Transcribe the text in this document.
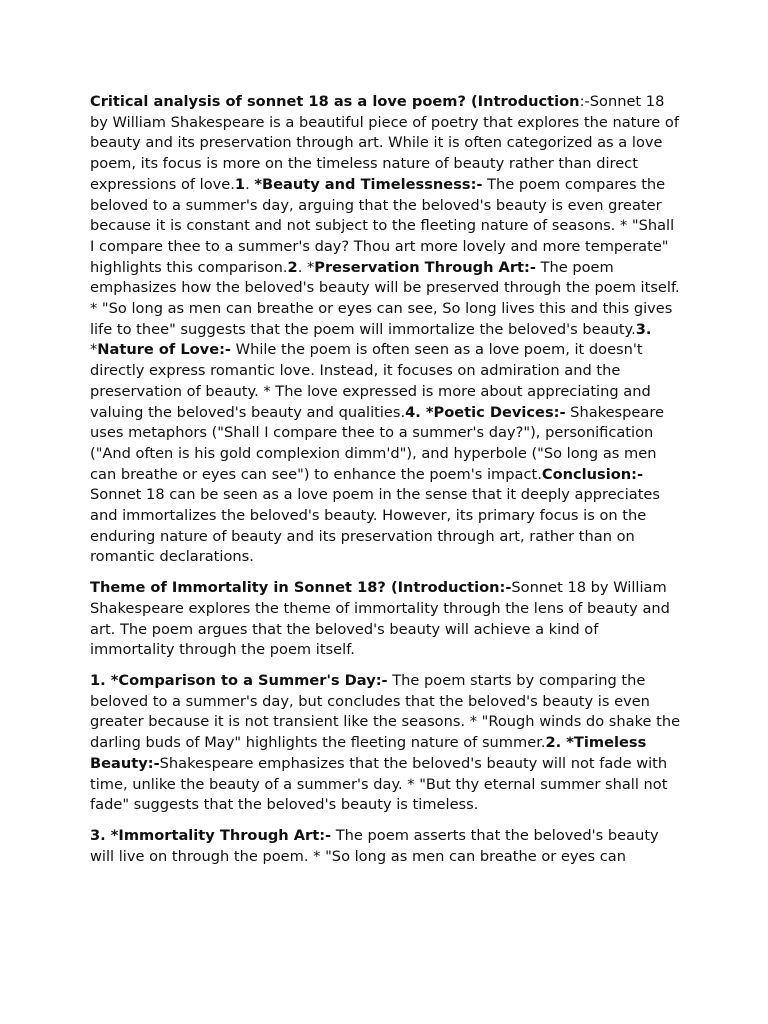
Critical analysis of sonnet 18 as a love poem? (Introduction:-Sonnet 18 by William Shakespeare is a beautiful piece of poetry that explores the nature of beauty and its preservation through art. While it is often categorized as a love poem, its focus is more on the timeless nature of beauty rather than direct expressions of love.1. *Beauty and Timelessness:- The poem compares the beloved to a summer's day, arguing that the beloved's beauty is even greater because it is constant and not subject to the fleeting nature of seasons. * "Shall I compare thee to a summer's day? Thou art more lovely and more temperate" highlights this comparison.2. *Preservation Through Art:- The poem emphasizes how the beloved's beauty will be preserved through the poem itself. * "So long as men can breathe or eyes can see, So long lives this and this gives life to thee" suggests that the poem will immortalize the beloved's beauty.3. *Nature of Love:- While the poem is often seen as a love poem, it doesn't directly express romantic love. Instead, it focuses on admiration and the preservation of beauty. * The love expressed is more about appreciating and valuing the beloved's beauty and qualities.4. *Poetic Devices:- Shakespeare uses metaphors ("Shall I compare thee to a summer's day?"), personification ("And often is his gold complexion dimm'd"), and hyperbole ("So long as men can breathe or eyes can see") to enhance the poem's impact.Conclusion:-Sonnet 18 can be seen as a love poem in the sense that it deeply appreciates and immortalizes the beloved's beauty. However, its primary focus is on the enduring nature of beauty and its preservation through art, rather than on romantic declarations.

Theme of Immortality in Sonnet 18? (Introduction:-Sonnet 18 by William Shakespeare explores the theme of immortality through the lens of beauty and art. The poem argues that the beloved's beauty will achieve a kind of immortality through the poem itself.

1. *Comparison to a Summer's Day:- The poem starts by comparing the beloved to a summer's day, but concludes that the beloved's beauty is even greater because it is not transient like the seasons. * "Rough winds do shake the darling buds of May" highlights the fleeting nature of summer.2. *Timeless Beauty:-Shakespeare emphasizes that the beloved's beauty will not fade with time, unlike the beauty of a summer's day. * "But thy eternal summer shall not fade" suggests that the beloved's beauty is timeless.

3. *Immortality Through Art:- The poem asserts that the beloved's beauty will live on through the poem. * "So long as men can breathe or eyes can
